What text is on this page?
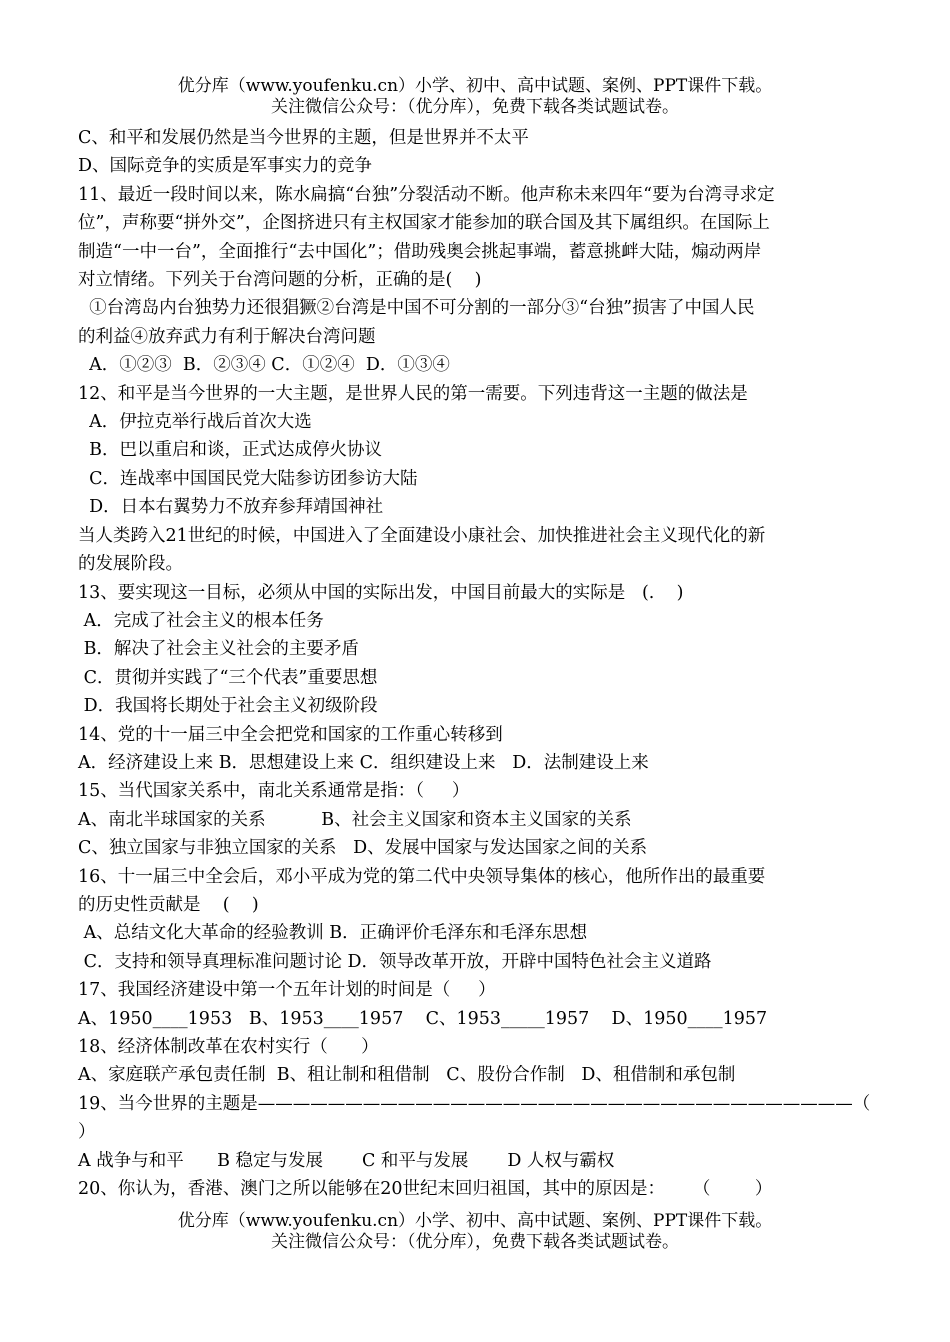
优分库（www.youfenku.cn）小学、初中、高中试题、案例、PPT课件下载。
关注微信公众号：（优分库），免费下载各类试题试卷。
C、和平和发展仍然是当今世界的主题，但是世界并不太平
D、国际竞争的实质是军事实力的竞争
11、最近一段时间以来，陈水扁搞“台独”分裂活动不断。他声称未来四年“要为台湾寻求定
位”，声称要“拼外交”，企图挤进只有主权国家才能参加的联合国及其下属组织。在国际上
制造“一中一台”，全面推行“去中国化”；借助残奥会挑起事端，蓄意挑衅大陆，煽动两岸
对立情绪。下列关于台湾问题的分析，正确的是(    )
①台湾岛内台独势力还很猖獗②台湾是中国不可分割的一部分③“台独”损害了中国人民
的利益④放弃武力有利于解决台湾问题
A．①②③  B．②③④ C．①②④  D．①③④
12、和平是当今世界的一大主题，是世界人民的第一需要。下列违背这一主题的做法是
A．伊拉克举行战后首次大选
B．巴以重启和谈，正式达成停火协议
C．连战率中国国民党大陆参访团参访大陆
D．日本右翼势力不放弃参拜靖国神社
当人类跨入21世纪的时候，中国进入了全面建设小康社会、加快推进社会主义现代化的新
的发展阶段。
13、要实现这一目标，必须从中国的实际出发，中国目前最大的实际是   (.    )
A．完成了社会主义的根本任务
B．解决了社会主义社会的主要矛盾
C．贯彻并实践了“三个代表”重要思想
D．我国将长期处于社会主义初级阶段
14、党的十一届三中全会把党和国家的工作重心转移到
A．经济建设上来 B．思想建设上来 C．组织建设上来   D．法制建设上来
15、当代国家关系中，南北关系通常是指：（     ）
A、南北半球国家的关系          B、社会主义国家和资本主义国家的关系
C、独立国家与非独立国家的关系   D、发展中国家与发达国家之间的关系
16、十一届三中全会后，邓小平成为党的第二代中央领导集体的核心，他所作出的最重要
的历史性贡献是    (    )
A、总结文化大革命的经验教训 B．正确评价毛泽东和毛泽东思想
C．支持和领导真理标准问题讨论 D．领导改革开放，开辟中国特色社会主义道路
17、我国经济建设中第一个五年计划的时间是（     ）
A、1950____1953   B、1953____1957    C、1953_____1957    D、1950____1957
18、经济体制改革在农村实行（      ）
A、家庭联产承包责任制  B、租让制和租借制   C、股份合作制   D、租借制和承包制
19、当今世界的主题是——————————————————————————————————（
）
A 战争与和平      B 稳定与发展       C 和平与发展       D 人权与霸权
20、你认为，香港、澳门之所以能够在20世纪末回归祖国，其中的原因是：     （        ）
优分库（www.youfenku.cn）小学、初中、高中试题、案例、PPT课件下载。
关注微信公众号：（优分库），免费下载各类试题试卷。
